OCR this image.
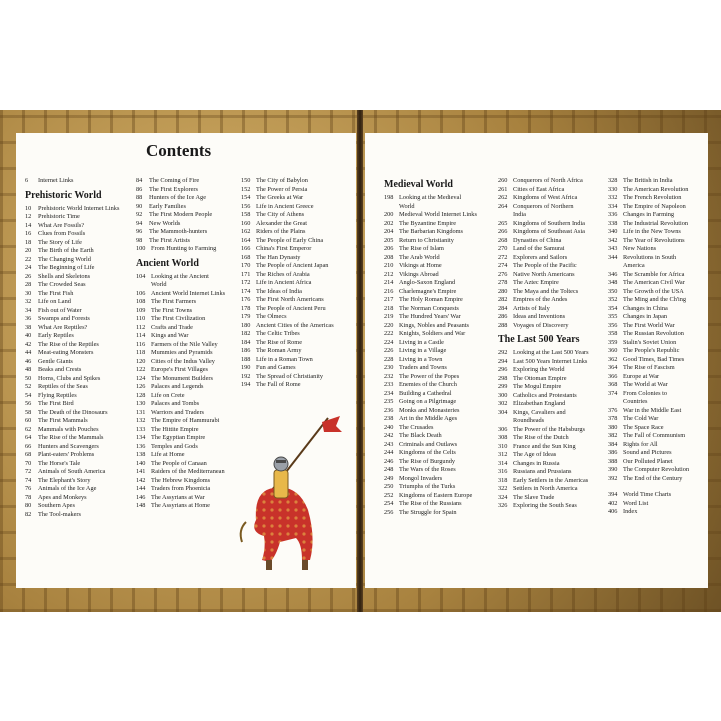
Contents
6	Internet Links
Prehistoric World
10	Prehistoric World Internet Links
12	Prehistoric Time
14	What Are Fossils?
16	Clues from Fossils
18	The Story of Life
20	The Birth of the Earth
22	The Changing World
24	The Beginning of Life
26	Shells and Skeletons
28	The Crowded Seas
30	The First Fish
32	Life on Land
34	Fish out of Water
36	Swamps and Forests
38	What Are Reptiles?
40	Early Reptiles
42	The Rise of the Reptiles
44	Meat-eating Monsters
46	Gentle Giants
48	Beaks and Crests
50	Horns, Clubs and Spikes
52	Reptiles of the Seas
54	Flying Reptiles
56	The First Bird
58	The Death of the Dinosaurs
60	The First Mammals
62	Mammals with Pouches
64	The Rise of the Mammals
66	Hunters and Scavengers
68	Plant-eaters' Problems
70	The Horse's Tale
72	Animals of South America
74	The Elephant's Story
76	Animals of the Ice Age
78	Apes and Monkeys
80	Southern Apes
82	The Tool-makers
84	The Coming of Fire
86	The First Explorers
88	Hunters of the Ice Age
90	Early Families
92	The First Modern People
94	New Worlds
96	The Mammoth-hunters
98	The First Artists
100 From Hunting to Farming
Ancient World
104 Looking at the Ancient
World
106 Ancient World Internet Links
108 The First Farmers
109 The First Towns
110 The First Civilization
112 Crafts and Trade
114 Kings and War
116 Farmers of the Nile Valley
118 Mummies and Pyramids
120 Cities of the Indus Valley
122 Europe's First Villages
124 The Monument Builders
126 Palaces and Legends
128 Life on Crete
130 Palaces and Tombs
131 Warriors and Traders
132 The Empire of Hammurabi
133 The Hittite Empire
134 The Egyptian Empire
136 Temples and Gods
138 Life at Home
140 The People of Canaan
141 Raiders of the Mediterranean
142 The Hebrew Kingdoms
144 Traders from Phoenicia
146 The Assyrians at War
148 The Assyrians at Home
150 The City of Babylon
152 The Power of Persia
154 The Greeks at War
156 Life in Ancient Greece
158 The City of Athens
160 Alexander the Great
162 Riders of the Plains
164 The People of Early China
166 China's First Emperor
168 The Han Dynasty
170 The People of Ancient Japan
171 The Riches of Arabia
172 Life in Ancient Africa
174 The Ideas of India
176 The First North Americans
178 The People of Ancient Peru
179 The Olmecs
180 Ancient Cities of the Americas
182 The Celtic Tribes
184 The Rise of Rome
186 The Roman Army
188 Life in a Roman Town
190 Fun and Games
192 The Spread of Christianity
194 The Fall of Rome
Medieval World
198 Looking at the Medieval
World
200 Medieval World Internet Links
202 The Byzantine Empire
204 The Barbarian Kingdoms
205 Return to Christianity
206 The Rise of Islam
208 The Arab World
210 Vikings at Home
212 Vikings Abroad
214 Anglo-Saxon England
216 Charlemagne's Empire
217 The Holy Roman Empire
218 The Norman Conquests
219 The Hundred Years' War
220 Kings, Nobles and Peasants
222 Knights, Soldiers and War
224 Living in a Castle
226 Living in a Village
228 Living in a Town
230 Traders and Towns
232 The Power of the Popes
233 Enemies of the Church
234 Building a Cathedral
235 Going on a Pilgrimage
236 Monks and Monasteries
238 Art in the Middle Ages
240 The Crusades
242 The Black Death
243 Criminals and Outlaws
244 Kingdoms of the Celts
246 The Rise of Burgundy
248 The Wars of the Roses
249 Mongol Invaders
250 Triumphs of the Turks
252 Kingdoms of Eastern Europe
254 The Rise of the Russians
256 The Struggle for Spain
260 Conquerors of North Africa
261 Cities of East Africa
262 Kingdoms of West Africa
264 Conquerors of Northern
India
265 Kingdoms of Southern India
266 Kingdoms of Southeast Asia
268 Dynasties of China
270 Land of the Samurai
272 Explorers and Sailors
274 The People of the Pacific
276 Native North Americans
278 The Aztec Empire
280 The Maya and the Toltecs
282 Empires of the Andes
284 Artists of Italy
286 Ideas and Inventions
288 Voyages of Discovery
The Last 500 Years
292 Looking at the Last 500 Years
294 Last 500 Years Internet Links
296 Exploring the World
298 The Ottoman Empire
299 The Mogul Empire
300 Catholics and Protestants
302 Elizabethan England
304 Kings, Cavaliers and
Roundheads
306 The Power of the Habsburgs
308 The Rise of the Dutch
310 France and the Sun King
312 The Age of Ideas
314 Changes in Russia
316 Russians and Prussians
318 Early Settlers in the Americas
322 Settlers in North America
324 The Slave Trade
326 Exploring the South Seas
328 The British in India
330 The American Revolution
332 The French Revolution
334 The Empire of Napoleon
336 Changes in Farming
338 The Industrial Revolution
340 Life in the New Towns
342 The Year of Revolutions
343 New Nations
344 Revolutions in South
America
346 The Scramble for Africa
348 The American Civil War
350 The Growth of the USA
352 The Ming and the Ch'ing
354 Changes in China
355 Changes in Japan
356 The First World War
358 The Russian Revolution
359 Stalin's Soviet Union
360 The People's Republic
362 Good Times, Bad Times
364 The Rise of Fascism
366 Europe at War
368 The World at War
374 From Colonies to
Countries
376 War in the Middle East
378 The Cold War
380 The Space Race
382 The Fall of Communism
384 Rights for All
386 Sound and Pictures
388 Our Polluted Planet
390 The Computer Revolution
392 The End of the Century
394 World Time Charts
402 Word List
406 Index
